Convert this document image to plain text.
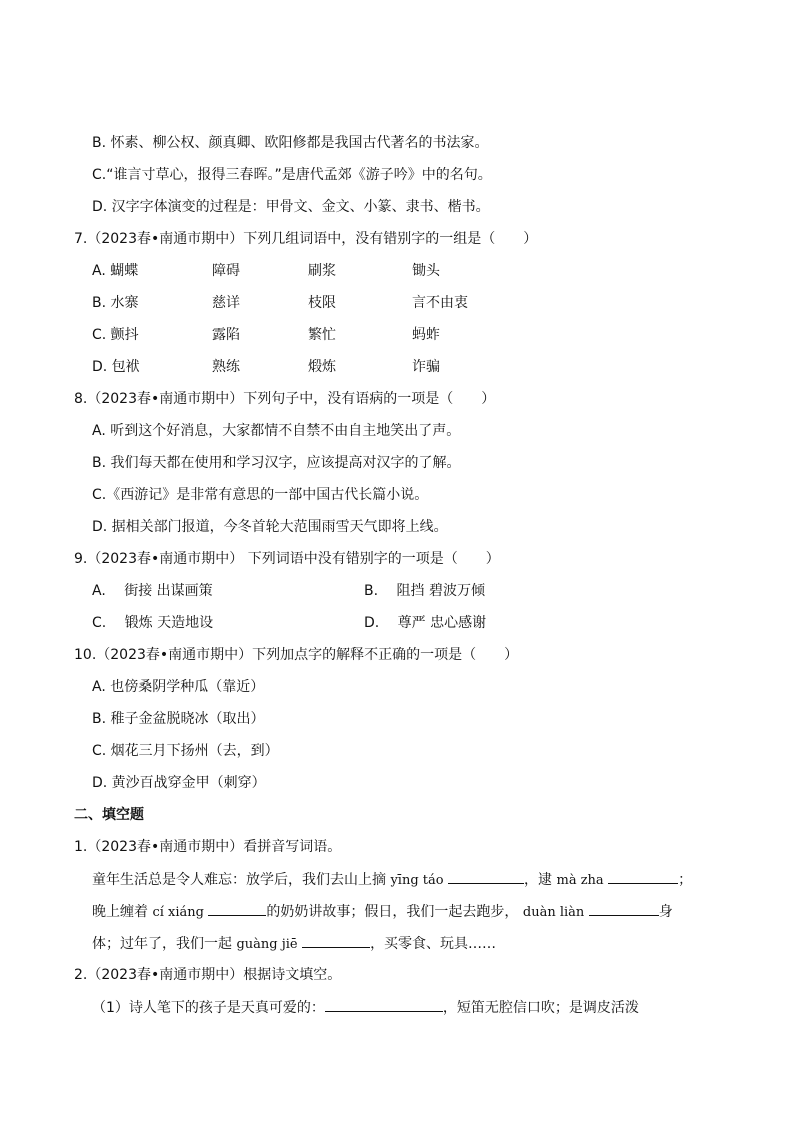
B. 怀素、柳公权、颜真卿、欧阳修都是我国古代著名的书法家。
C.“谁言寸草心，报得三春晖。”是唐代孟郊《游子吟》中的名句。
D. 汉字字体演变的过程是：甲骨文、金文、小篆、隶书、楷书。
7.（2023春•南通市期中）下列几组词语中，没有错别字的一组是（　　）
A. 蝴蝶	障碍	刷浆	锄头
B. 水寨	慈详	枝限	言不由衷
C. 颤抖	露陷	繁忙	蚂蚱
D. 包袱	熟练	煅炼	诈骗
8.（2023春•南通市期中）下列句子中，没有语病的一项是（　　）
A. 听到这个好消息，大家都情不自禁不由自主地笑出了声。
B. 我们每天都在使用和学习汉字，应该提高对汉字的了解。
C.《西游记》是非常有意思的一部中国古代长篇小说。
D. 据相关部门报道，今冬首轮大范围雨雪天气即将上线。
9.（2023春•南通市期中） 下列词语中没有错别字的一项是（　　）
A.　 街接 出谋画策	B.　 阻挡 碧波万倾
C.　 锻炼 天造地设	D.　 尊严 忠心感谢
10.（2023春•南通市期中）下列加点字的解释不正确的一项是（　　）
A. 也傍桑阴学种瓜（靠近）
B. 稚子金盆脱晓冰（取出）
C. 烟花三月下扬州（去，到）
D. 黄沙百战穿金甲（刺穿）
二、填空题
1.（2023春•南通市期中）看拼音写词语。
童年生活总是令人难忘：放学后，我们去山上摘 yīng táo	，逮 mà zha	；
晚上缠着 cí xiáng	的奶奶讲故事；假日，我们一起去跑步， duàn liàn	身
体；过年了，我们一起 guàng jiē	，买零食、玩具……
2.（2023春•南通市期中）根据诗文填空。
（1）诗人笔下的孩子是天真可爱的：	，短笛无腔信口吹；是调皮活泼
